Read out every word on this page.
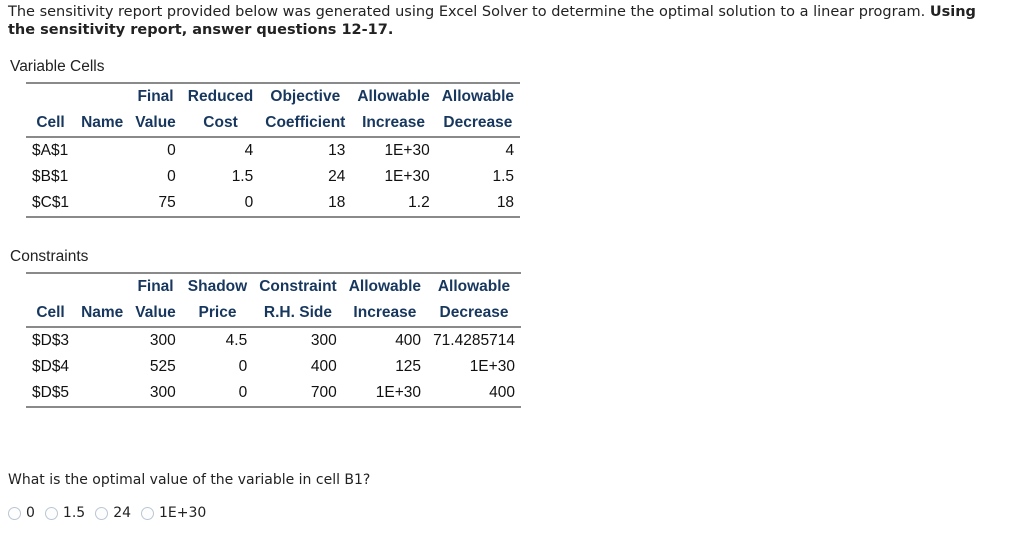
The sensitivity report provided below was generated using Excel Solver to determine the optimal solution to a linear program. Using the sensitivity report, answer questions 12-17.
Variable Cells
		Final	Reduced	Objective	Allowable	Allowable
Cell	Name	Value	Cost	Coefficient	Increase	Decrease
$A$1		0	4	13	1E+30	4
$B$1		0	1.5	24	1E+30	1.5
$C$1		75	0	18	1.2	18
Constraints
		Final	Shadow	Constraint	Allowable	Allowable
Cell	Name	Value	Price	R.H. Side	Increase	Decrease
$D$3		300	4.5	300	400	71.4285714
$D$4		525	0	400	125	1E+30
$D$5		300	0	700	1E+30	400
What is the optimal value of the variable in cell B1?
0 1.5 24 1E+30
